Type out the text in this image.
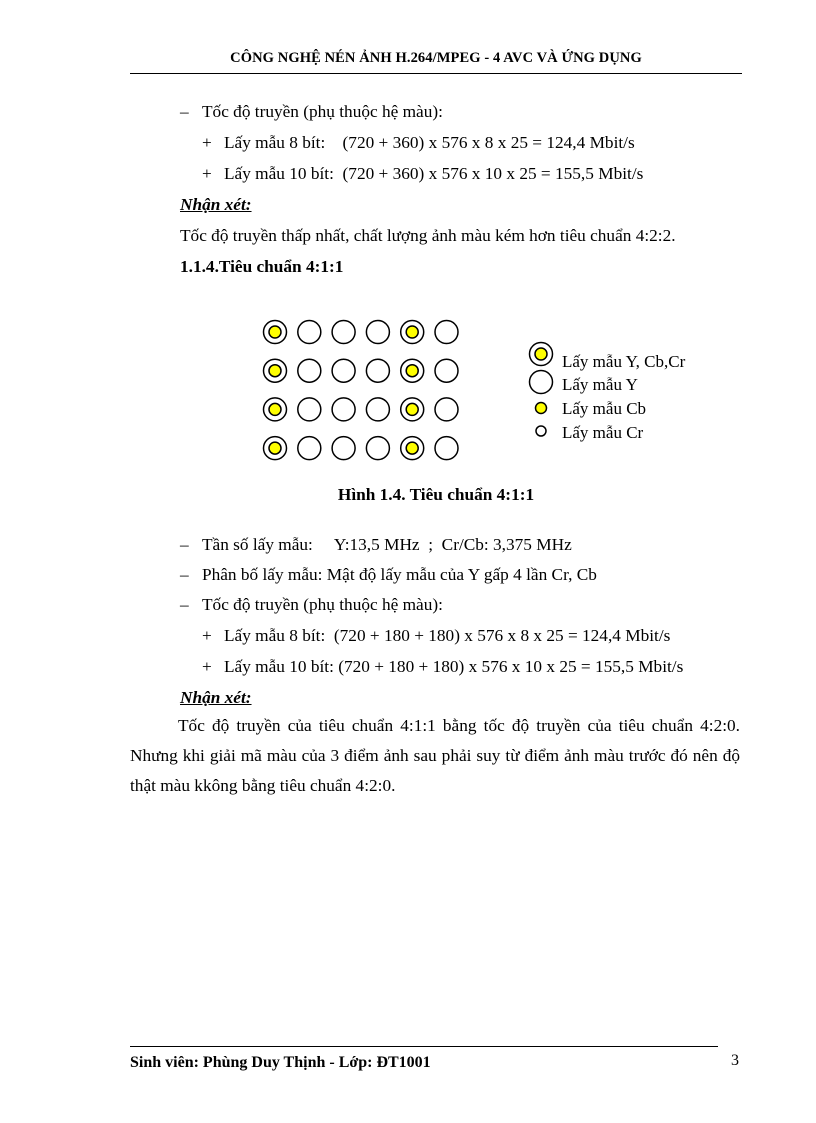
CÔNG NGHỆ NÉN ẢNH H.264/MPEG - 4 AVC VÀ ỨNG DỤNG
– Tốc độ truyền (phụ thuộc hệ màu):
+ Lấy mẫu 8 bít:    (720 + 360) x 576 x 8 x 25 = 124,4 Mbit/s
+ Lấy mẫu 10 bít:  (720 + 360) x 576 x 10 x 25 = 155,5 Mbit/s
Nhận xét:
Tốc độ truyền thấp nhất, chất lượng ảnh màu kém hơn tiêu chuẩn 4:2:2.
1.1.4.Tiêu chuẩn 4:1:1
Lấy mẫu Y, Cb,Cr
Lấy mẫu Y
Lấy mẫu Cb
Lấy mẫu Cr
Hình 1.4. Tiêu chuẩn 4:1:1
– Tần số lấy mẫu:     Y:13,5 MHz  ;  Cr/Cb: 3,375 MHz
– Phân bố lấy mẫu: Mật độ lấy mẫu của Y gấp 4 lần Cr, Cb
– Tốc độ truyền (phụ thuộc hệ màu):
+ Lấy mẫu 8 bít:  (720 + 180 + 180) x 576 x 8 x 25 = 124,4 Mbit/s
+ Lấy mẫu 10 bít: (720 + 180 + 180) x 576 x 10 x 25 = 155,5 Mbit/s
Nhận xét:
Tốc độ truyền của tiêu chuẩn 4:1:1 bằng tốc độ truyền của tiêu chuẩn 4:2:0. Nhưng khi giải mã màu của 3 điểm ảnh sau phải suy từ điểm ảnh màu trước đó nên độ thật màu kkông bằng tiêu chuẩn 4:2:0.
Sinh viên: Phùng Duy Thịnh - Lớp: ĐT1001	3
